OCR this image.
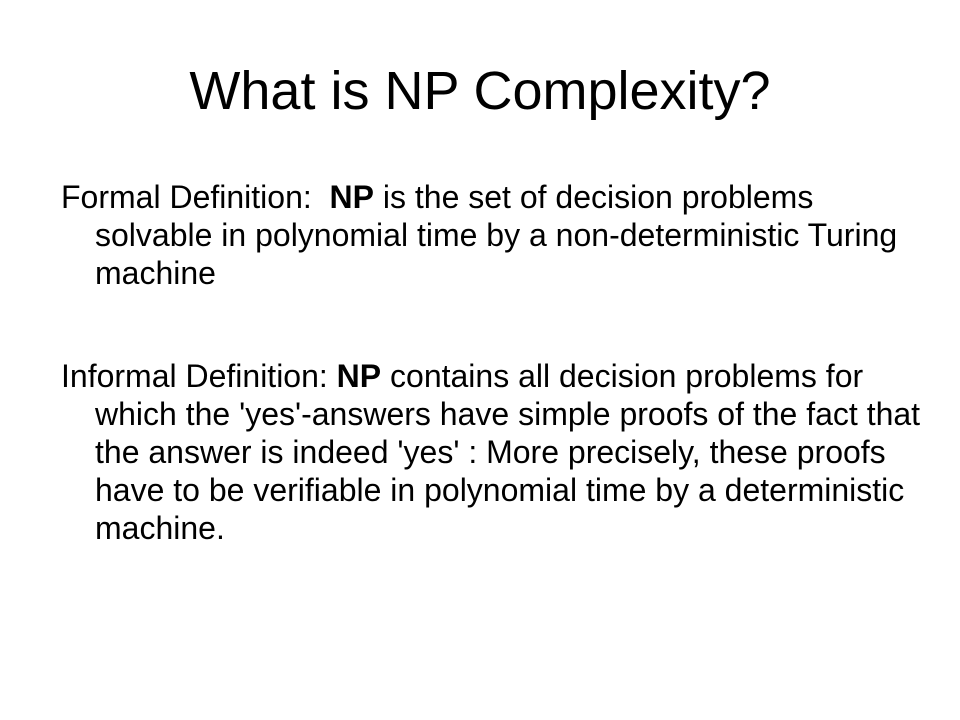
What is NP Complexity?
Formal Definition: NP is the set of decision problems solvable in polynomial time by a non-deterministic Turing machine
Informal Definition: NP contains all decision problems for which the 'yes'-answers have simple proofs of the fact that the answer is indeed 'yes' : More precisely, these proofs have to be verifiable in polynomial time by a deterministic machine.
